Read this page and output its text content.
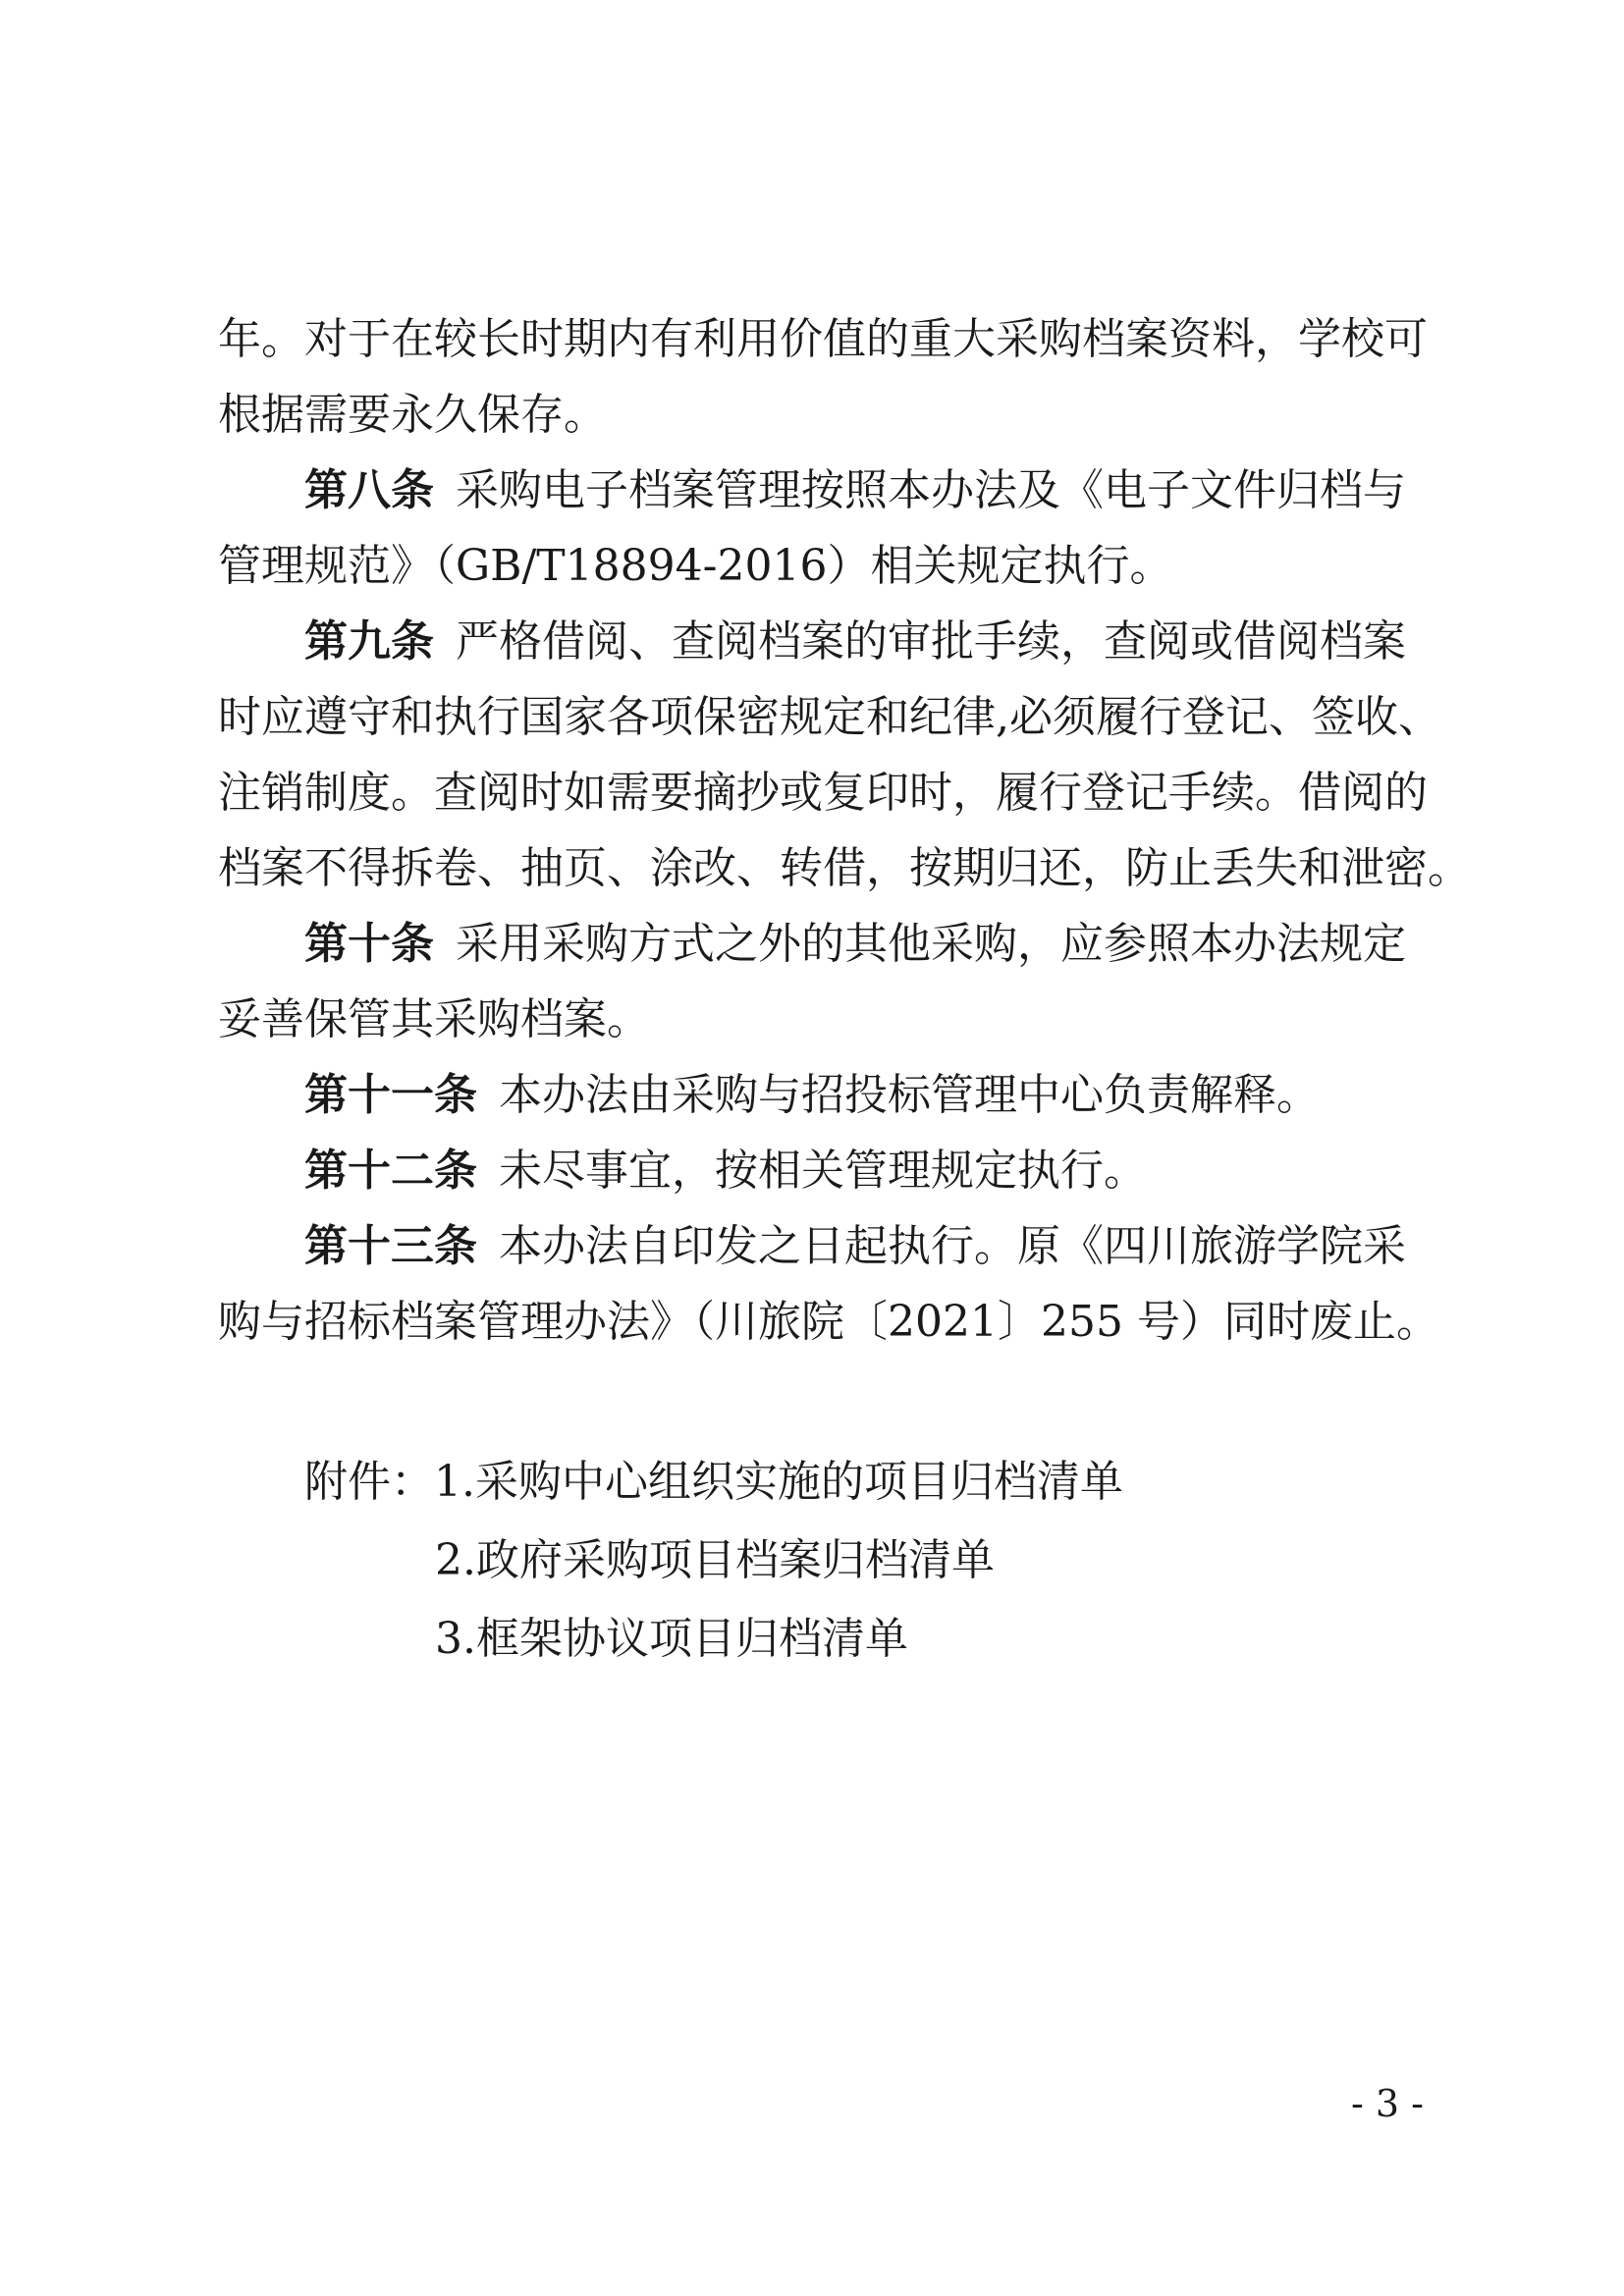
年。对于在较长时期内有利用价值的重大采购档案资料，学校可
根据需要永久保存。
第八条 采购电子档案管理按照本办法及《电子文件归档与
管理规范》（GB/T18894-2016）相关规定执行。
第九条 严格借阅、查阅档案的审批手续，查阅或借阅档案
时应遵守和执行国家各项保密规定和纪律,必须履行登记、签收、
注销制度。查阅时如需要摘抄或复印时，履行登记手续。借阅的
档案不得拆卷、抽页、涂改、转借，按期归还，防止丢失和泄密。
第十条 采用采购方式之外的其他采购，应参照本办法规定
妥善保管其采购档案。
第十一条 本办法由采购与招投标管理中心负责解释。
第十二条 未尽事宜，按相关管理规定执行。
第十三条 本办法自印发之日起执行。原《四川旅游学院采
购与招标档案管理办法》（川旅院〔2021〕255 号）同时废止。
附件：1.采购中心组织实施的项目归档清单
2.政府采购项目档案归档清单
3.框架协议项目归档清单
- 3 -
